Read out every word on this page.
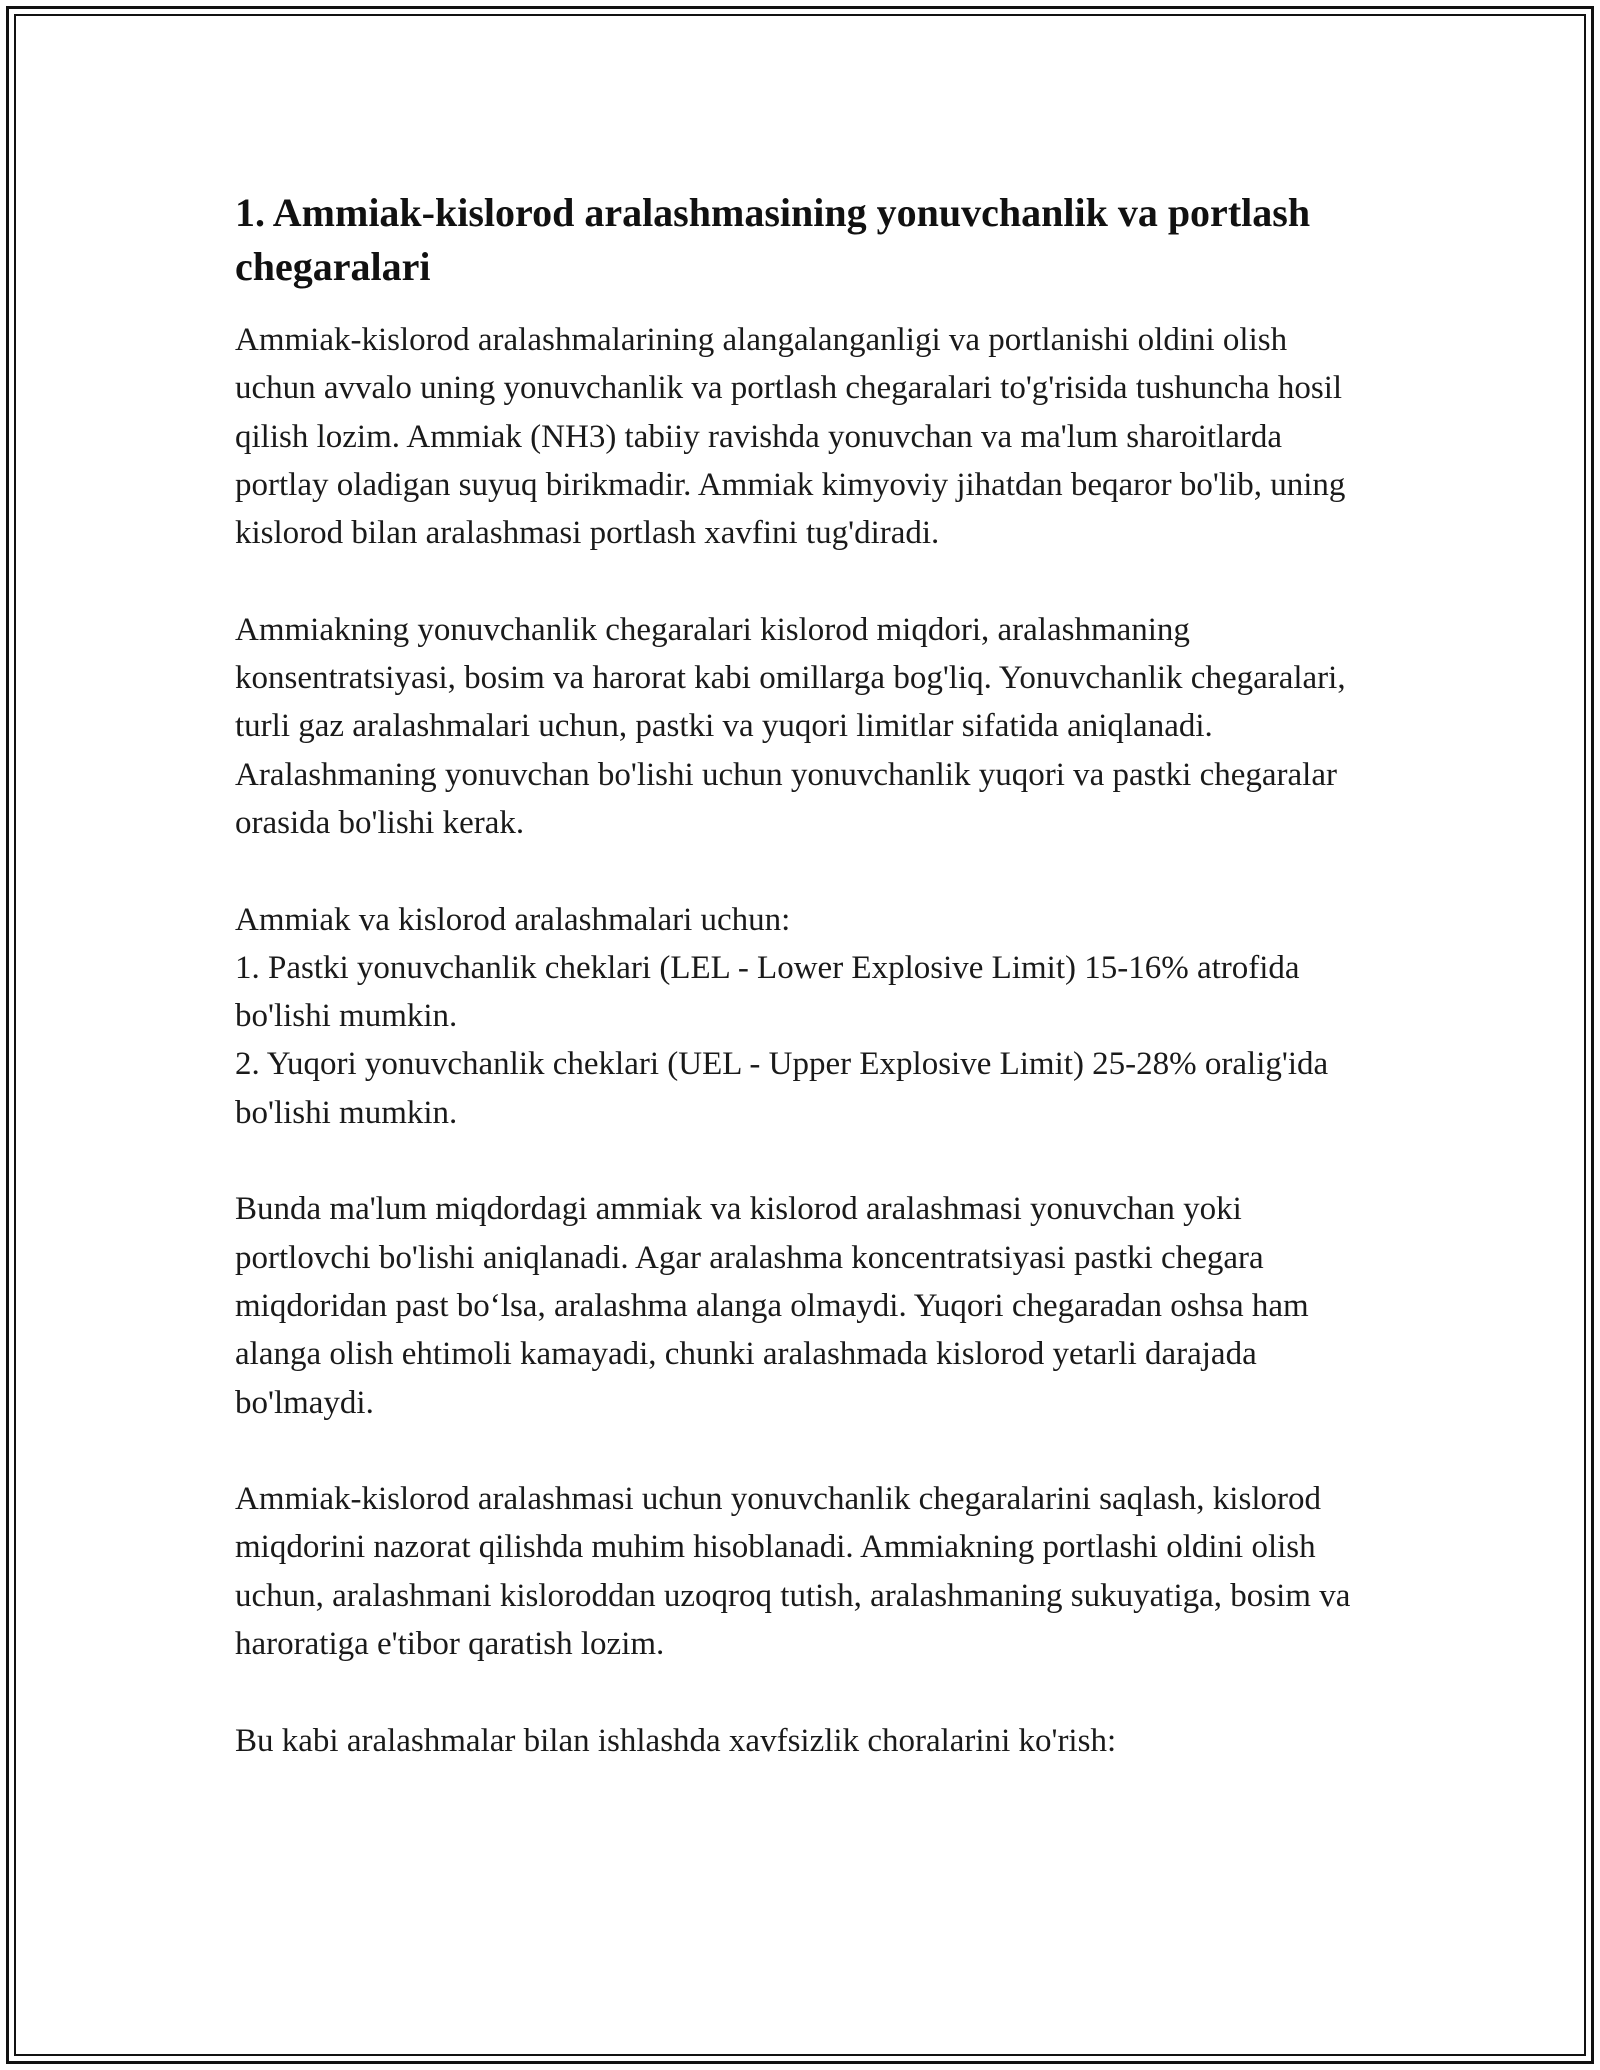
1. Ammiak-kislorod aralashmasining yonuvchanlik va portlash chegaralari

Ammiak-kislorod aralashmalarining alangalanganligi va portlanishi oldini olish uchun avvalo uning yonuvchanlik va portlash chegaralari to'g'risida tushuncha hosil qilish lozim. Ammiak (NH3) tabiiy ravishda yonuvchan va ma'lum sharoitlarda portlay oladigan suyuq birikmadir. Ammiak kimyoviy jihatdan beqaror bo'lib, uning kislorod bilan aralashmasi portlash xavfini tug'diradi.

Ammiakning yonuvchanlik chegaralari kislorod miqdori, aralashmaning konsentratsiyasi, bosim va harorat kabi omillarga bog'liq. Yonuvchanlik chegaralari, turli gaz aralashmalari uchun, pastki va yuqori limitlar sifatida aniqlanadi. Aralashmaning yonuvchan bo'lishi uchun yonuvchanlik yuqori va pastki chegaralar orasida bo'lishi kerak.

Ammiak va kislorod aralashmalari uchun:
1. Pastki yonuvchanlik cheklari (LEL - Lower Explosive Limit) 15-16% atrofida bo'lishi mumkin.
2. Yuqori yonuvchanlik cheklari (UEL - Upper Explosive Limit) 25-28% oralig'ida bo'lishi mumkin.

Bunda ma'lum miqdordagi ammiak va kislorod aralashmasi yonuvchan yoki portlovchi bo'lishi aniqlanadi. Agar aralashma koncentratsiyasi pastki chegara miqdoridan past bo‘lsa, aralashma alanga olmaydi. Yuqori chegaradan oshsa ham alanga olish ehtimoli kamayadi, chunki aralashmada kislorod yetarli darajada bo'lmaydi.

Ammiak-kislorod aralashmasi uchun yonuvchanlik chegaralarini saqlash, kislorod miqdorini nazorat qilishda muhim hisoblanadi. Ammiakning portlashi oldini olish uchun, aralashmani kisloroddan uzoqroq tutish, aralashmaning sukuyatiga, bosim va haroratiga e'tibor qaratish lozim.

Bu kabi aralashmalar bilan ishlashda xavfsizlik choralarini ko'rish:
